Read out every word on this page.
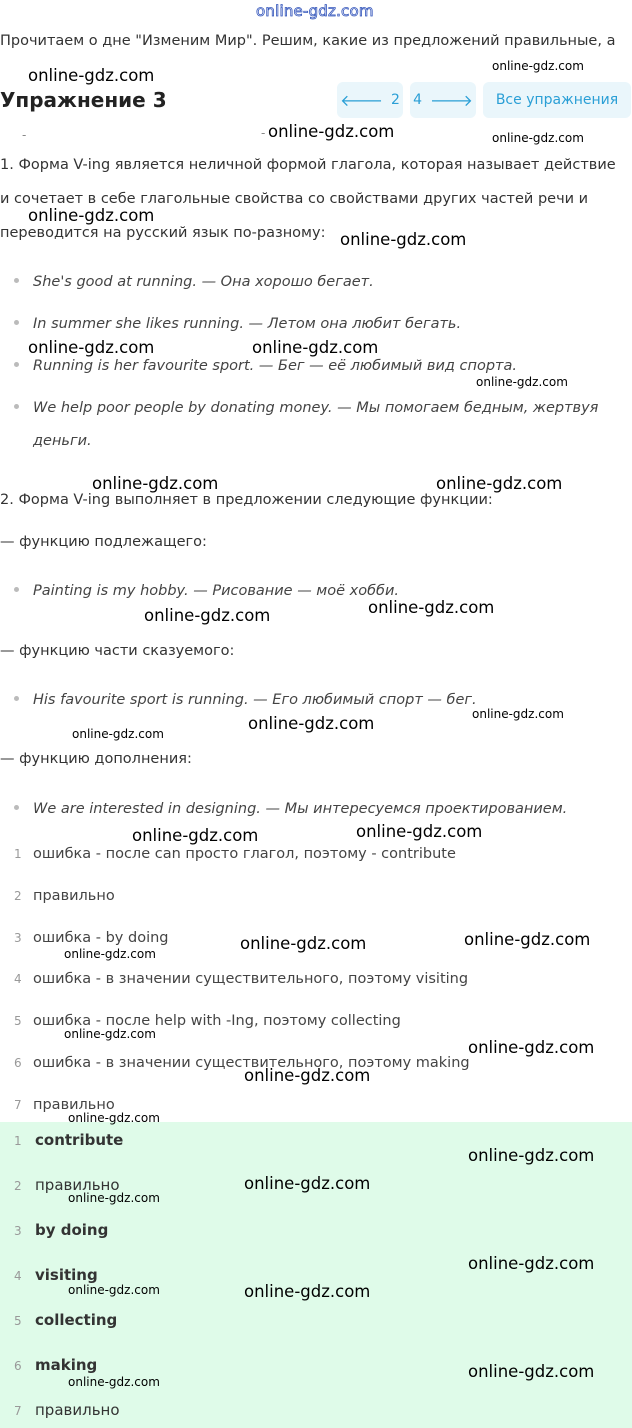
online-gdz.com
Прочитаем о дне "Изменим Мир". Решим, какие из предложений правильные, а
Упражнение 3	🡐 2 4 🡒 Все упражнения
-	-
1. Форма V-ing является неличной формой глагола, которая называет действие
и сочетает в себе глагольные свойства со свойствами других частей речи и
переводится на русский язык по-разному:
She's good at running. — Она хорошо бегает.
In summer she likes running. — Летом она любит бегать.
Running is her favourite sport. — Бег — её любимый вид спорта.
We help poor people by donating money. — Мы помогаем бедным, жертвуя
деньги.
2. Форма V-ing выполняет в предложении следующие функции:
— функцию подлежащего:
Painting is my hobby. — Рисование — моё хобби.
— функцию части сказуемого:
His favourite sport is running. — Его любимый спорт — бег.
— функцию дополнения:
We are interested in designing. — Мы интересуемся проектированием.
1 ошибка - после can просто глагол, поэтому - contribute
2 правильно
3 ошибка - by doing
4 ошибка - в значении существительного, поэтому visiting
5 ошибка - после help with -Ing, поэтому collecting
6 ошибка - в значении существительного, поэтому making
7 правильно
1 contribute
2 правильно
3 by doing
4 visiting
5 collecting
6 making
7 правильно
online-gdz.com	online-gdz.com
online-gdz.com	online-gdz.com
online-gdz.com
online-gdz.com
online-gdz.com	online-gdz.com
online-gdz.com
online-gdz.com	online-gdz.com
online-gdz.com
online-gdz.com
online-gdz.com
online-gdz.com
online-gdz.com
online-gdz.com
online-gdz.com
online-gdz.com
online-gdz.com
online-gdz.com
online-gdz.com
online-gdz.com
online-gdz.com
online-gdz.com
online-gdz.com
online-gdz.com
online-gdz.com
online-gdz.com
online-gdz.com	online-gdz.com
online-gdz.com
online-gdz.com
